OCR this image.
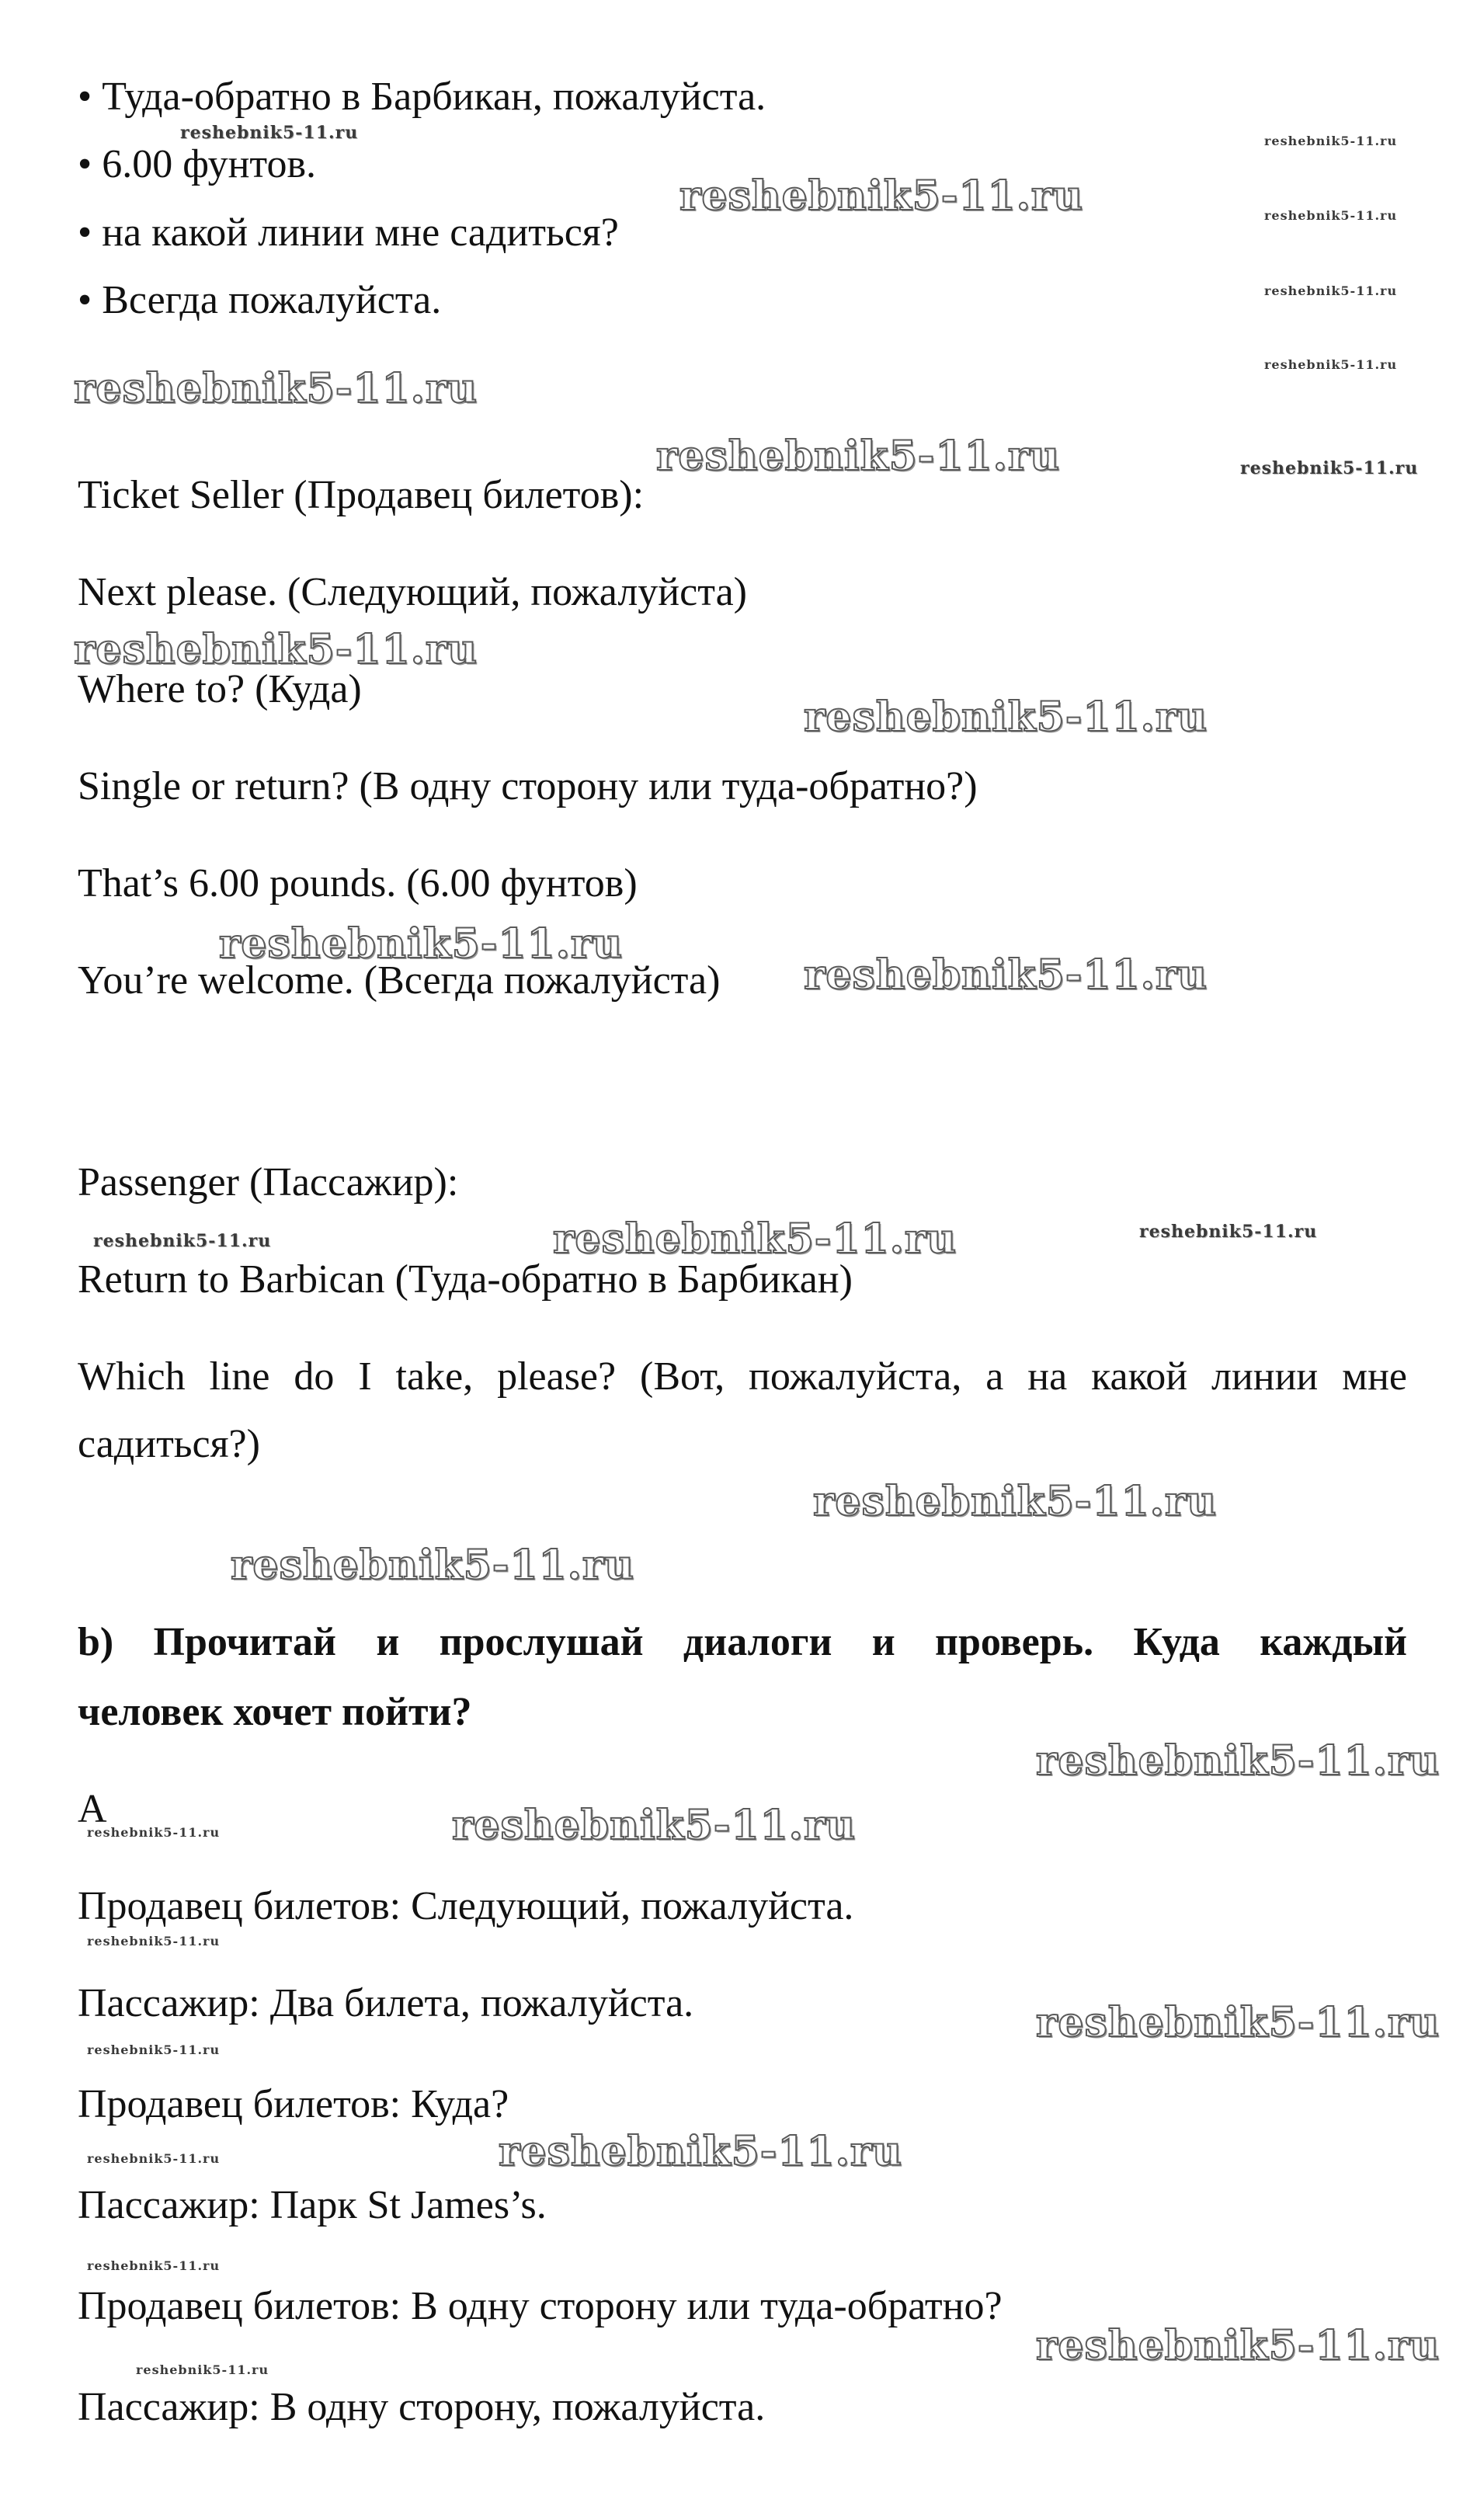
• Туда-обратно в Барбикан, пожалуйста.

• 6.00 фунтов.

• на какой линии мне садиться?

• Всегда пожалуйста.

Ticket Seller (Продавец билетов):

Next please. (Следующий, пожалуйста)

Where to? (Куда)

Single or return? (В одну сторону или туда-обратно?)

That’s 6.00 pounds. (6.00 фунтов)

You’re welcome. (Всегда пожалуйста)

Passenger (Пассажир):

Return to Barbican (Туда-обратно в Барбикан)

Which line do I take, please? (Вот, пожалуйста, а на какой линии мне

садиться?)

b) Прочитай и прослушай диалоги и проверь. Куда каждый

человек хочет пойти?

A

Продавец билетов: Следующий, пожалуйста.

Пассажир: Два билета, пожалуйста.

Продавец билетов: Куда?

Пассажир: Парк St James’s.

Продавец билетов: В одну сторону или туда-обратно?

Пассажир: В одну сторону, пожалуйста.

reshebnik5-11.ru	reshebnik5-11.ru
reshebnik5-11.ru	reshebnik5-11.ru
reshebnik5-11.ru
reshebnik5-11.ru
reshebnik5-11.ru
reshebnik5-11.ru	reshebnik5-11.ru
reshebnik5-11.ru
reshebnik5-11.ru
reshebnik5-11.ru
reshebnik5-11.ru
reshebnik5-11.ru	reshebnik5-11.ru	reshebnik5-11.ru
reshebnik5-11.ru
reshebnik5-11.ru
reshebnik5-11.ru
reshebnik5-11.ru
reshebnik5-11.ru
reshebnik5-11.ru
reshebnik5-11.ru
reshebnik5-11.ru
reshebnik5-11.ru
reshebnik5-11.ru
reshebnik5-11.ru
reshebnik5-11.ru
reshebnik5-11.ru
